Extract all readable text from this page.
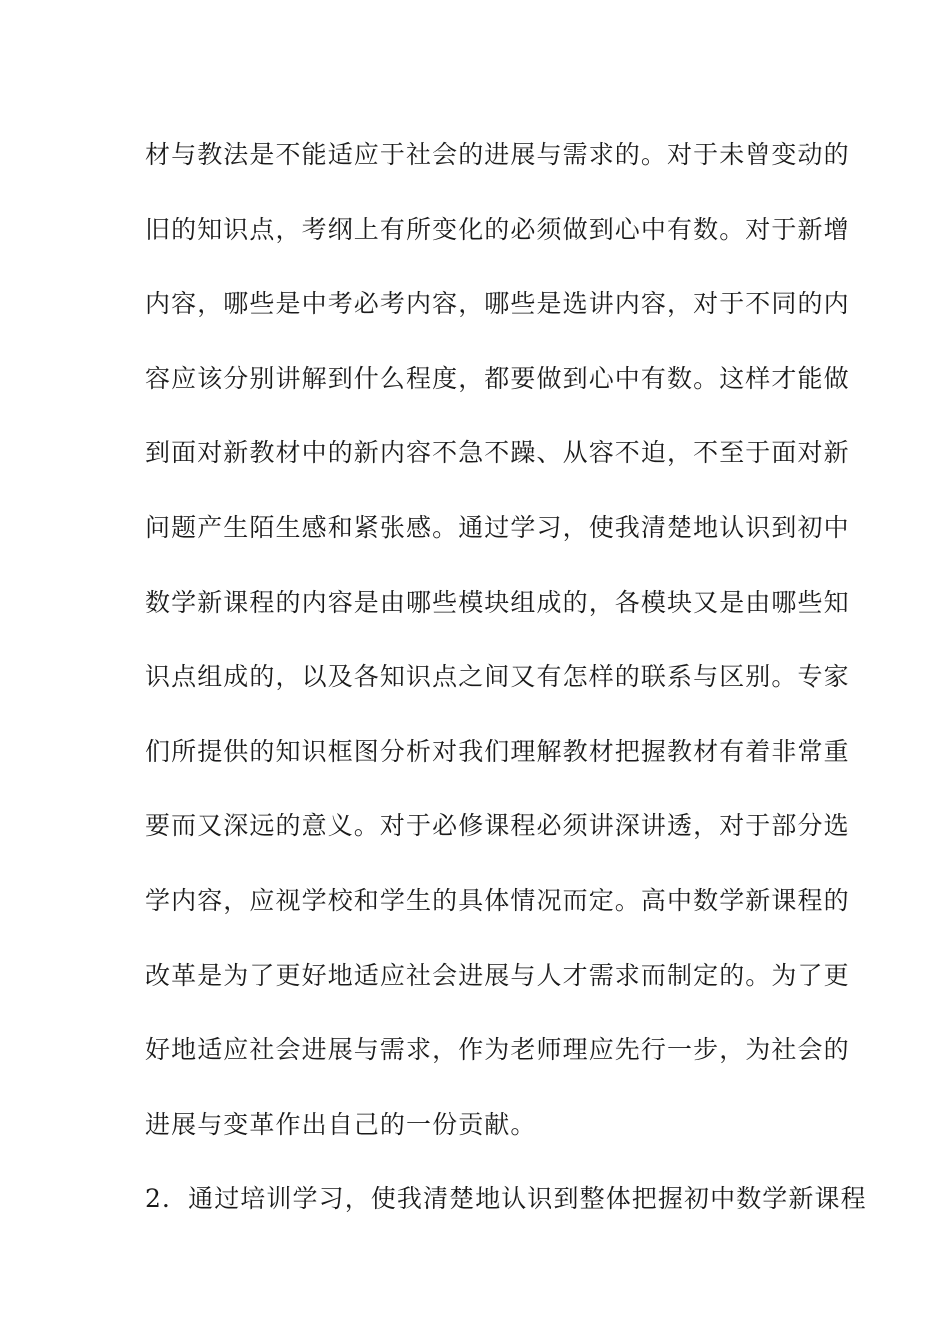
材与教法是不能适应于社会的进展与需求的。对于未曾变动的
旧的知识点，考纲上有所变化的必须做到心中有数。对于新增
内容，哪些是中考必考内容，哪些是选讲内容，对于不同的内
容应该分别讲解到什么程度，都要做到心中有数。这样才能做
到面对新教材中的新内容不急不躁、从容不迫，不至于面对新
问题产生陌生感和紧张感。通过学习，使我清楚地认识到初中
数学新课程的内容是由哪些模块组成的，各模块又是由哪些知
识点组成的，以及各知识点之间又有怎样的联系与区别。专家
们所提供的知识框图分析对我们理解教材把握教材有着非常重
要而又深远的意义。对于必修课程必须讲深讲透，对于部分选
学内容，应视学校和学生的具体情况而定。高中数学新课程的
改革是为了更好地适应社会进展与人才需求而制定的。为了更
好地适应社会进展与需求，作为老师理应先行一步，为社会的
进展与变革作出自己的一份贡献。
2．通过培训学习，使我清楚地认识到整体把握初中数学新课程
